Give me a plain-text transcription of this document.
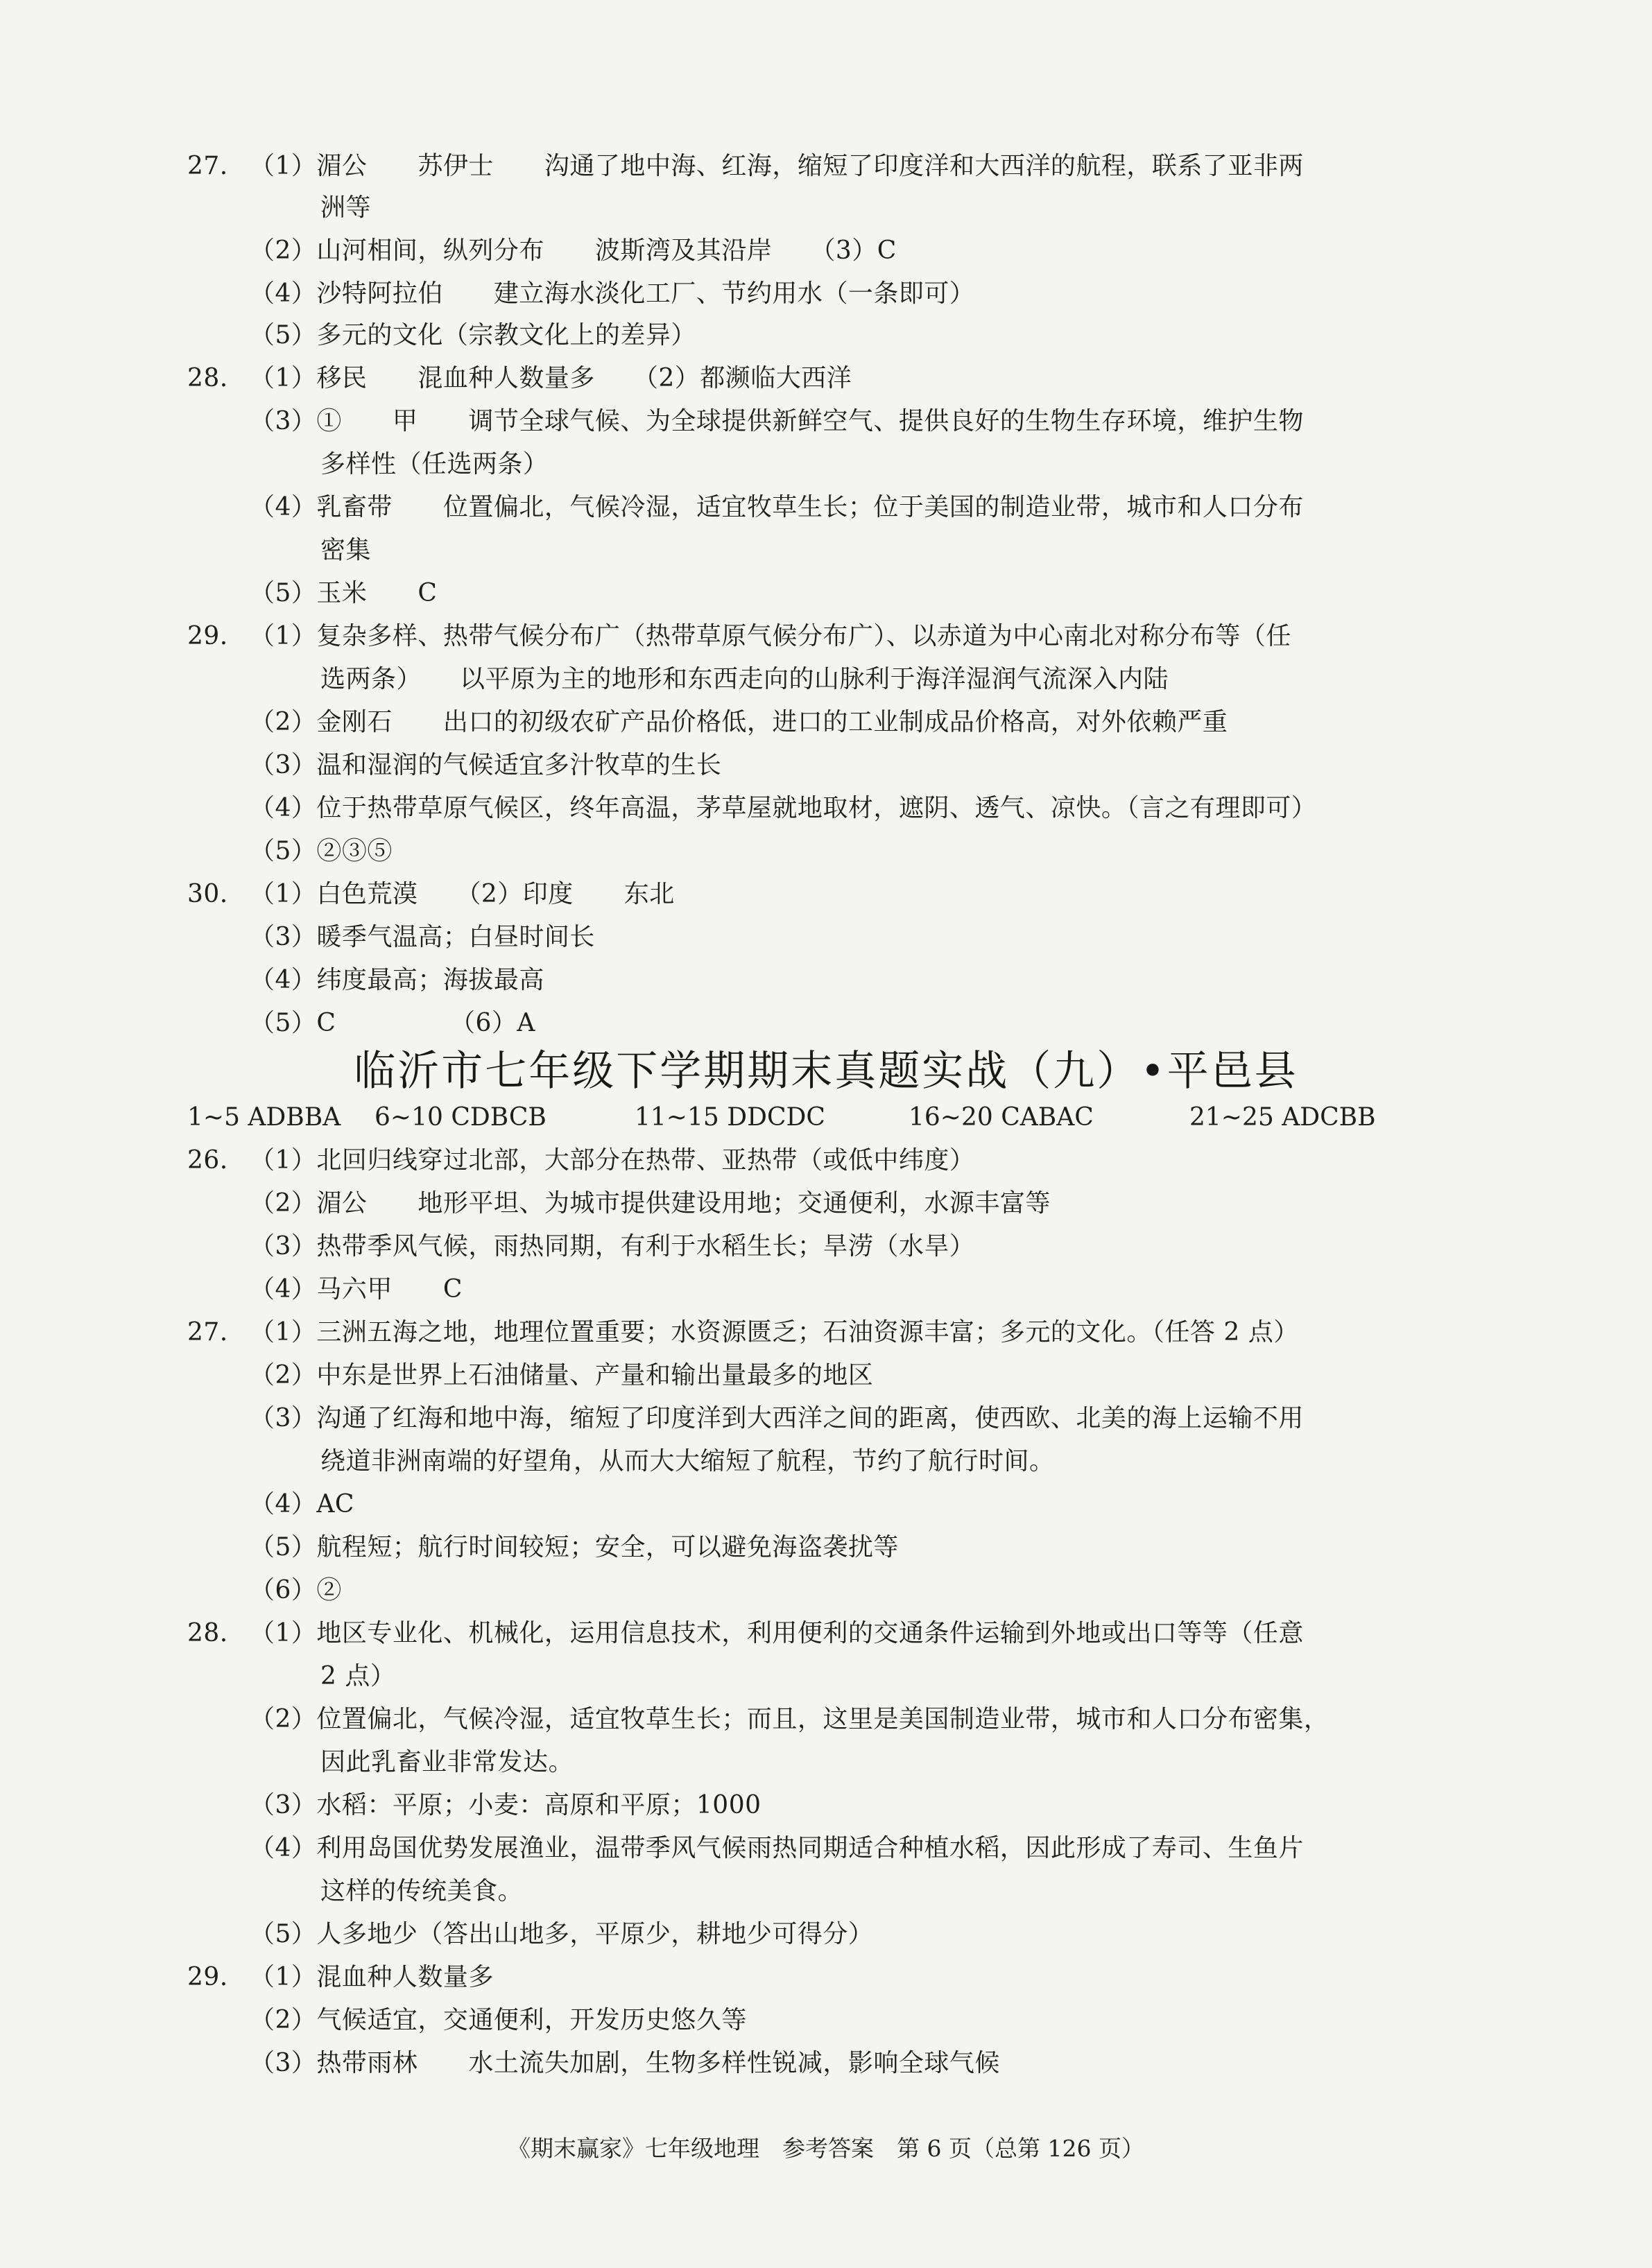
27. （1）湄公　　苏伊士　　沟通了地中海、红海，缩短了印度洋和大西洋的航程，联系了亚非两
洲等
（2）山河相间，纵列分布　　波斯湾及其沿岸　　（3）C
（4）沙特阿拉伯　　建立海水淡化工厂、节约用水（一条即可）
（5）多元的文化（宗教文化上的差异）
28. （1）移民　　混血种人数量多　　（2）都濒临大西洋
（3）①　　甲　　调节全球气候、为全球提供新鲜空气、提供良好的生物生存环境，维护生物
多样性（任选两条）
（4）乳畜带　　位置偏北，气候冷湿，适宜牧草生长；位于美国的制造业带，城市和人口分布
密集
（5）玉米　　C
29. （1）复杂多样、热带气候分布广（热带草原气候分布广）、以赤道为中心南北对称分布等（任
选两条）　　以平原为主的地形和东西走向的山脉利于海洋湿润气流深入内陆
（2）金刚石　　出口的初级农矿产品价格低，进口的工业制成品价格高，对外依赖严重
（3）温和湿润的气候适宜多汁牧草的生长
（4）位于热带草原气候区，终年高温，茅草屋就地取材，遮阴、透气、凉快。（言之有理即可）
（5）②③⑤
30. （1）白色荒漠　　（2）印度　　东北
（3）暖季气温高；白昼时间长
（4）纬度最高；海拔最高
（5）C　　　　　（6）A
临沂市七年级下学期期末真题实战（九）•平邑县
1~5 ADBBA 6~10 CDBCB	11~15 DDCDC	16~20 CABAC	21~25 ADCBB
26. （1）北回归线穿过北部，大部分在热带、亚热带（或低中纬度）
（2）湄公　　地形平坦、为城市提供建设用地；交通便利，水源丰富等
（3）热带季风气候，雨热同期，有利于水稻生长；旱涝（水旱）
（4）马六甲　　C
27. （1）三洲五海之地，地理位置重要；水资源匮乏；石油资源丰富；多元的文化。（任答 2 点）
（2）中东是世界上石油储量、产量和输出量最多的地区
（3）沟通了红海和地中海，缩短了印度洋到大西洋之间的距离，使西欧、北美的海上运输不用
绕道非洲南端的好望角，从而大大缩短了航程，节约了航行时间。
（4）AC
（5）航程短；航行时间较短；安全，可以避免海盗袭扰等
（6）②
28. （1）地区专业化、机械化，运用信息技术，利用便利的交通条件运输到外地或出口等等（任意
2 点）
（2）位置偏北，气候冷湿，适宜牧草生长；而且，这里是美国制造业带，城市和人口分布密集，
因此乳畜业非常发达。
（3）水稻：平原；小麦：高原和平原；1000
（4）利用岛国优势发展渔业，温带季风气候雨热同期适合种植水稻，因此形成了寿司、生鱼片
这样的传统美食。
（5）人多地少（答出山地多，平原少，耕地少可得分）
29. （1）混血种人数量多
（2）气候适宜，交通便利，开发历史悠久等
（3）热带雨林　　水土流失加剧，生物多样性锐减，影响全球气候
《期末赢家》七年级地理　参考答案　第 6 页（总第 126 页）
